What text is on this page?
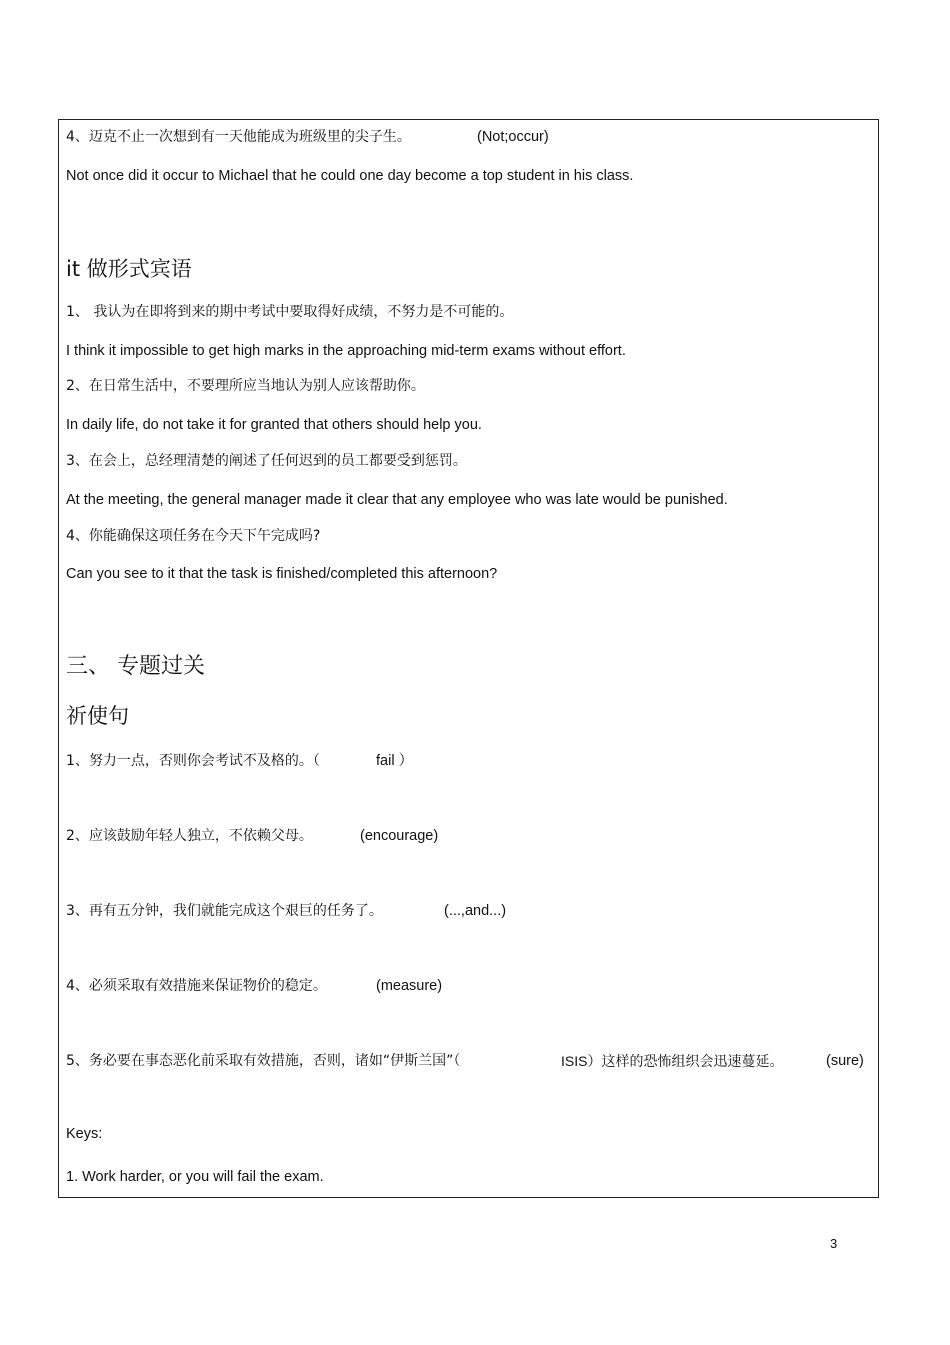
4、迈克不止一次想到有一天他能成为班级里的尖子生。	(Not;occur)
Not once did it occur to Michael that he could one day become a top student in his class.
it 做形式宾语
1、 我认为在即将到来的期中考试中要取得好成绩，不努力是不可能的。
I think it impossible to get high marks in the approaching mid-term exams without effort.
2、在日常生活中，不要理所应当地认为别人应该帮助你。
In daily life, do not take it for granted that others should help you.
3、在会上，总经理清楚的阐述了任何迟到的员工都要受到惩罚。
At the meeting, the general manager made it clear that any employee who was late would be punished.
4、你能确保这项任务在今天下午完成吗?
Can you see to it that the task is finished/completed this afternoon?
三、 专题过关
祈使句
1、努力一点，否则你会考试不及格的。（	fail ）
2、应该鼓励年轻人独立，不依赖父母。	(encourage)
3、再有五分钟，我们就能完成这个艰巨的任务了。	(...,and...)
4、必须采取有效措施来保证物价的稳定。	(measure)
5、务必要在事态恶化前采取有效措施，否则，诸如“伊斯兰国”（	ISIS）这样的恐怖组织会迅速蔓延。	(sure)
Keys:
1. Work harder, or you will fail the exam.
3
